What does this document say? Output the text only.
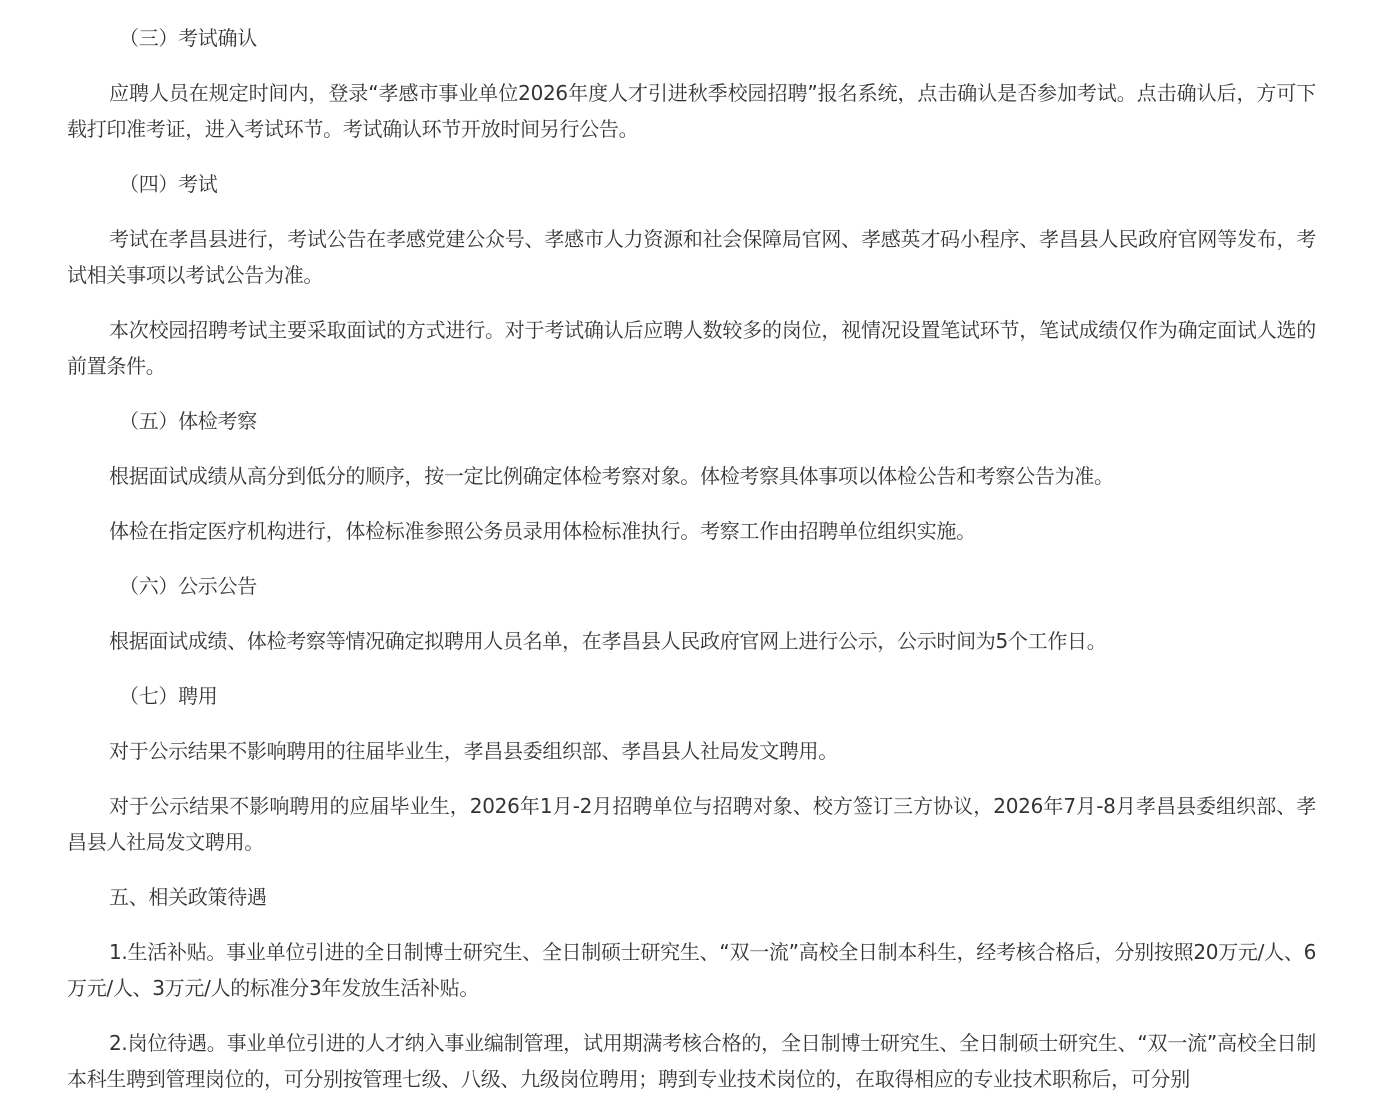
（三）考试确认

应聘人员在规定时间内，登录“孝感市事业单位2026年度人才引进秋季校园招聘”报名系统，点击确认是否参加考试。点击确认后，方可下载打印准考证，进入考试环节。考试确认环节开放时间另行公告。

（四）考试

考试在孝昌县进行，考试公告在孝感党建公众号、孝感市人力资源和社会保障局官网、孝感英才码小程序、孝昌县人民政府官网等发布，考试相关事项以考试公告为准。

本次校园招聘考试主要采取面试的方式进行。对于考试确认后应聘人数较多的岗位，视情况设置笔试环节，笔试成绩仅作为确定面试人选的前置条件。

（五）体检考察

根据面试成绩从高分到低分的顺序，按一定比例确定体检考察对象。体检考察具体事项以体检公告和考察公告为准。

体检在指定医疗机构进行，体检标准参照公务员录用体检标准执行。考察工作由招聘单位组织实施。

（六）公示公告

根据面试成绩、体检考察等情况确定拟聘用人员名单，在孝昌县人民政府官网上进行公示，公示时间为5个工作日。

（七）聘用

对于公示结果不影响聘用的往届毕业生，孝昌县委组织部、孝昌县人社局发文聘用。

对于公示结果不影响聘用的应届毕业生，2026年1月-2月招聘单位与招聘对象、校方签订三方协议，2026年7月-8月孝昌县委组织部、孝昌县人社局发文聘用。

五、相关政策待遇

1.生活补贴。事业单位引进的全日制博士研究生、全日制硕士研究生、“双一流”高校全日制本科生，经考核合格后，分别按照20万元/人、6万元/人、3万元/人的标准分3年发放生活补贴。

2.岗位待遇。事业单位引进的人才纳入事业编制管理，试用期满考核合格的，全日制博士研究生、全日制硕士研究生、“双一流”高校全日制本科生聘到管理岗位的，可分别按管理七级、八级、九级岗位聘用；聘到专业技术岗位的，在取得相应的专业技术职称后，可分别
